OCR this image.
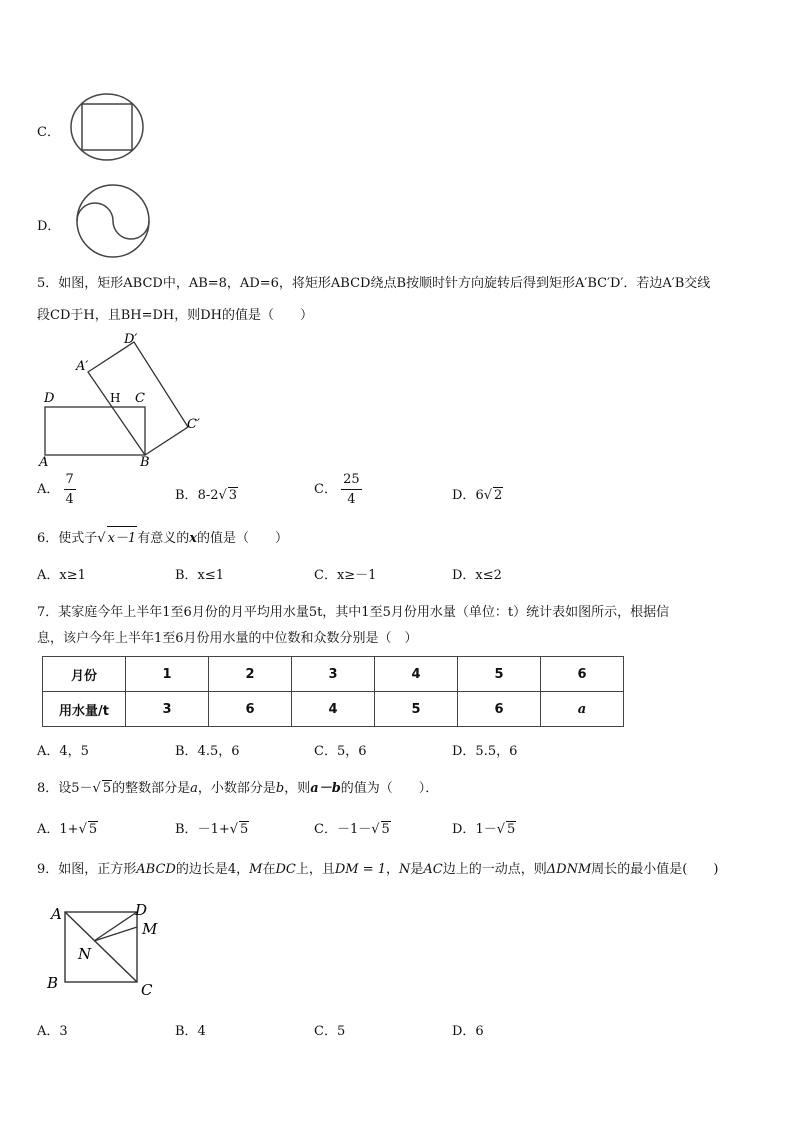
C．
D．
5．如图，矩形ABCD中，AB=8，AD=6，将矩形ABCD绕点B按顺时针方向旋转后得到矩形A′BC′D′．若边A′B交线
段CD于H，且BH=DH，则DH的值是（　　）
D	H C
A	B
A′
D′
C′
A． $\frac{7}{4}$	B．8-2√ 3	C． $\frac{25}{4}$	D．6√ 2
6．使式子√ x－1有意义的x的值是（　　）
A．x≥1	B．x≤1	C．x≥－1	D．x≤2
7．某家庭今年上半年1至6月份的月平均用水量5t，其中1至5月份用水量（单位：t）统计表如图所示，根据信
息，该户今年上半年1至6月份用水量的中位数和众数分别是（　）
月份	1	2	3	4	5	6
用水量/t	3	6	4	5	6	a
A．4，5	B．4.5，6	C．5，6	D．5.5，6
8．设5－√ 5的整数部分是a，小数部分是b，则a－b的值为（　　）．
A．1+√ 5	B．－1+√ 5	C．－1－√ 5	D．1－√ 5
9．如图，正方形ABCD的边长是4，M在DC上，且DM = 1，N是AC边上的一动点，则ΔDNM周长的最小值是(　　)
A	D
M
N
B	C
A．3	B．4	C．5	D．6
